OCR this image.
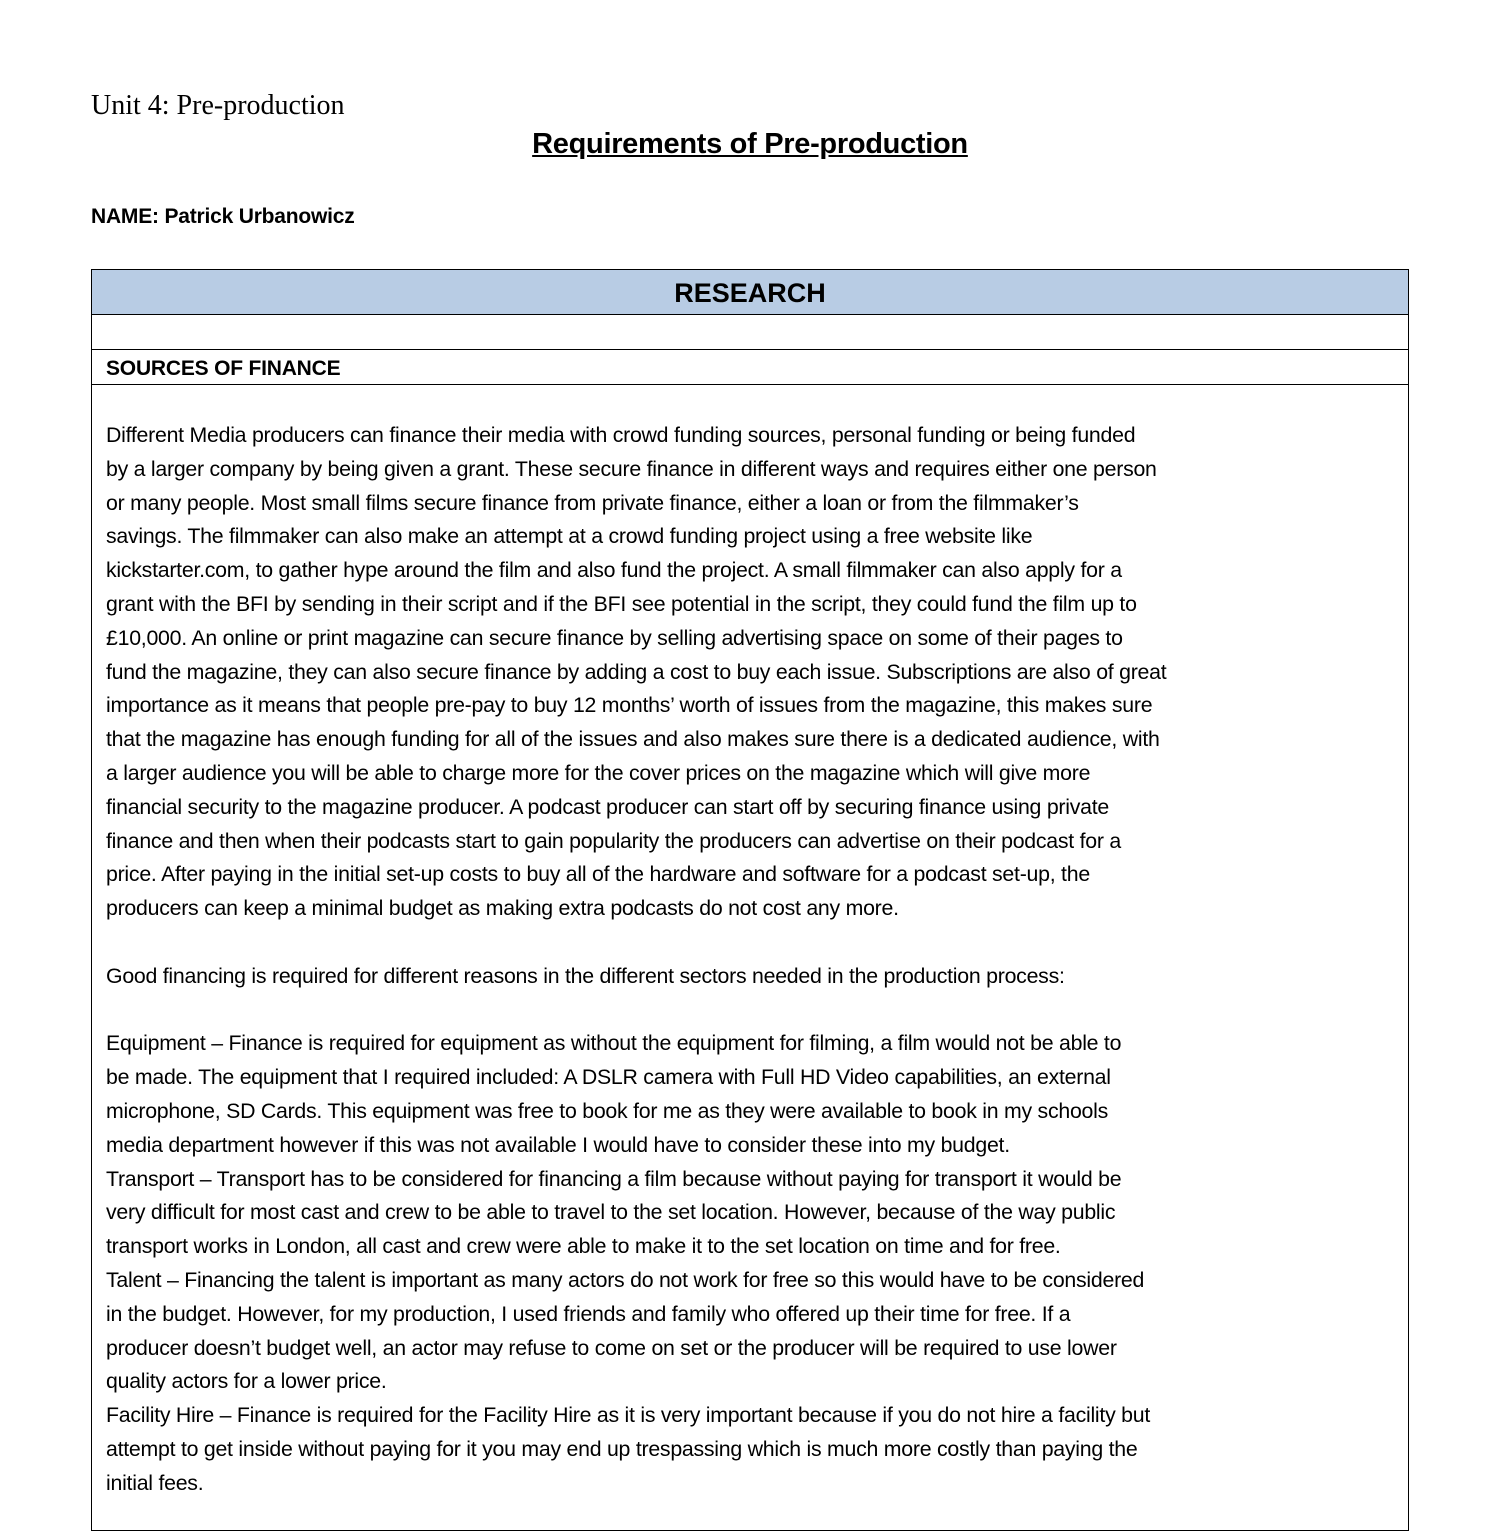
Unit 4: Pre-production
Requirements of Pre-production
NAME: Patrick Urbanowicz
RESEARCH
SOURCES OF FINANCE
Different Media producers can finance their media with crowd funding sources, personal funding or being funded
by a larger company by being given a grant. These secure finance in different ways and requires either one person
or many people. Most small films secure finance from private finance, either a loan or from the filmmaker’s
savings. The filmmaker can also make an attempt at a crowd funding project using a free website like
kickstarter.com, to gather hype around the film and also fund the project. A small filmmaker can also apply for a
grant with the BFI by sending in their script and if the BFI see potential in the script, they could fund the film up to
£10,000. An online or print magazine can secure finance by selling advertising space on some of their pages to
fund the magazine, they can also secure finance by adding a cost to buy each issue. Subscriptions are also of great
importance as it means that people pre-pay to buy 12 months’ worth of issues from the magazine, this makes sure
that the magazine has enough funding for all of the issues and also makes sure there is a dedicated audience, with
a larger audience you will be able to charge more for the cover prices on the magazine which will give more
financial security to the magazine producer. A podcast producer can start off by securing finance using private
finance and then when their podcasts start to gain popularity the producers can advertise on their podcast for a
price. After paying in the initial set-up costs to buy all of the hardware and software for a podcast set-up, the
producers can keep a minimal budget as making extra podcasts do not cost any more.
Good financing is required for different reasons in the different sectors needed in the production process:
Equipment – Finance is required for equipment as without the equipment for filming, a film would not be able to
be made. The equipment that I required included: A DSLR camera with Full HD Video capabilities, an external
microphone, SD Cards. This equipment was free to book for me as they were available to book in my schools
media department however if this was not available I would have to consider these into my budget.
Transport – Transport has to be considered for financing a film because without paying for transport it would be
very difficult for most cast and crew to be able to travel to the set location. However, because of the way public
transport works in London, all cast and crew were able to make it to the set location on time and for free.
Talent – Financing the talent is important as many actors do not work for free so this would have to be considered
in the budget. However, for my production, I used friends and family who offered up their time for free. If a
producer doesn’t budget well, an actor may refuse to come on set or the producer will be required to use lower
quality actors for a lower price.
Facility Hire – Finance is required for the Facility Hire as it is very important because if you do not hire a facility but
attempt to get inside without paying for it you may end up trespassing which is much more costly than paying the
initial fees.
